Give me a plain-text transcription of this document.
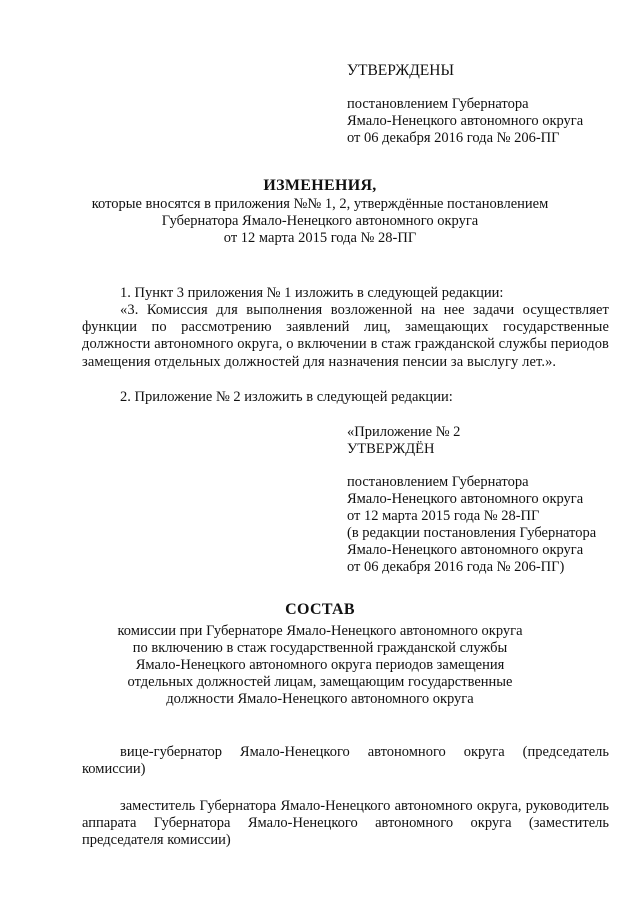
УТВЕРЖДЕНЫ
постановлением Губернатора
Ямало-Ненецкого автономного округа
от 06 декабря 2016 года № 206-ПГ
ИЗМЕНЕНИЯ,
которые вносятся в приложения №№ 1, 2, утверждённые постановлением
Губернатора Ямало-Ненецкого автономного округа
от 12 марта 2015 года № 28-ПГ
1. Пункт 3 приложения № 1 изложить в следующей редакции:
«3. Комиссия для выполнения возложенной на нее задачи осуществляет функции по рассмотрению заявлений лиц, замещающих государственные должности автономного округа, о включении в стаж гражданской службы периодов замещения отдельных должностей для назначения пенсии за выслугу лет.».
2. Приложение № 2 изложить в следующей редакции:
«Приложение № 2
УТВЕРЖДЁН
постановлением Губернатора
Ямало-Ненецкого автономного округа
от 12 марта 2015 года № 28-ПГ
(в редакции постановления Губернатора
Ямало-Ненецкого автономного округа
от 06 декабря 2016 года № 206-ПГ)
СОСТАВ
комиссии при Губернаторе Ямало-Ненецкого автономного округа
по включению в стаж государственной гражданской службы
Ямало-Ненецкого автономного округа периодов замещения
отдельных должностей лицам, замещающим государственные
должности Ямало-Ненецкого автономного округа
вице-губернатор Ямало-Ненецкого автономного округа (председатель комиссии)
заместитель Губернатора Ямало-Ненецкого автономного округа, руководитель аппарата Губернатора Ямало-Ненецкого автономного округа (заместитель председателя комиссии)
